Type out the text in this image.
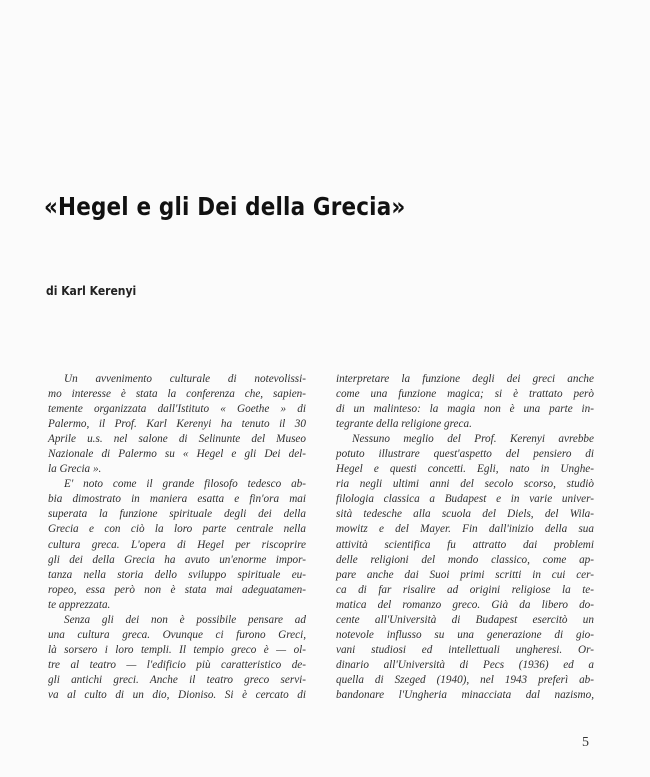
«Hegel e gli Dei della Grecia»
di Karl Kerenyi
Un avvenimento culturale di notevolissi-
mo interesse è stata la conferenza che, sapien-
temente organizzata dall'Istituto « Goethe » di
Palermo, il Prof. Karl Kerenyi ha tenuto il 30
Aprile u.s. nel salone di Selinunte del Museo
Nazionale di Palermo su « Hegel e gli Dei del-
la Grecia ».
E' noto come il grande filosofo tedesco ab-
bia dimostrato in maniera esatta e fin'ora mai
superata la funzione spirituale degli dei della
Grecia e con ciò la loro parte centrale nella
cultura greca. L'opera di Hegel per riscoprire
gli dei della Grecia ha avuto un'enorme impor-
tanza nella storia dello sviluppo spirituale eu-
ropeo, essa però non è stata mai adeguatamen-
te apprezzata.
Senza gli dei non è possibile pensare ad
una cultura greca. Ovunque ci furono Greci,
là sorsero i loro templi. Il tempio greco è — ol-
tre al teatro — l'edificio più caratteristico de-
gli antichi greci. Anche il teatro greco servi-
va al culto di un dio, Dioniso. Si è cercato di
interpretare la funzione degli dei greci anche
come una funzione magica; si è trattato però
di un malinteso: la magia non è una parte in-
tegrante della religione greca.
Nessuno meglio del Prof. Kerenyi avrebbe
potuto illustrare quest'aspetto del pensiero di
Hegel e questi concetti. Egli, nato in Unghe-
ria negli ultimi anni del secolo scorso, studiò
filologia classica a Budapest e in varie univer-
sità tedesche alla scuola del Diels, del Wila-
mowitz e del Mayer. Fin dall'inizio della sua
attività scientifica fu attratto dai problemi
delle religioni del mondo classico, come ap-
pare anche dai Suoi primi scritti in cui cer-
ca di far risalire ad origini religiose la te-
matica del romanzo greco. Già da libero do-
cente all'Università di Budapest esercitò un
notevole influsso su una generazione di gio-
vani studiosi ed intellettuali ungheresi. Or-
dinario all'Università di Pecs (1936) ed a
quella di Szeged (1940), nel 1943 preferì ab-
bandonare l'Ungheria minacciata dal nazismo,
5
